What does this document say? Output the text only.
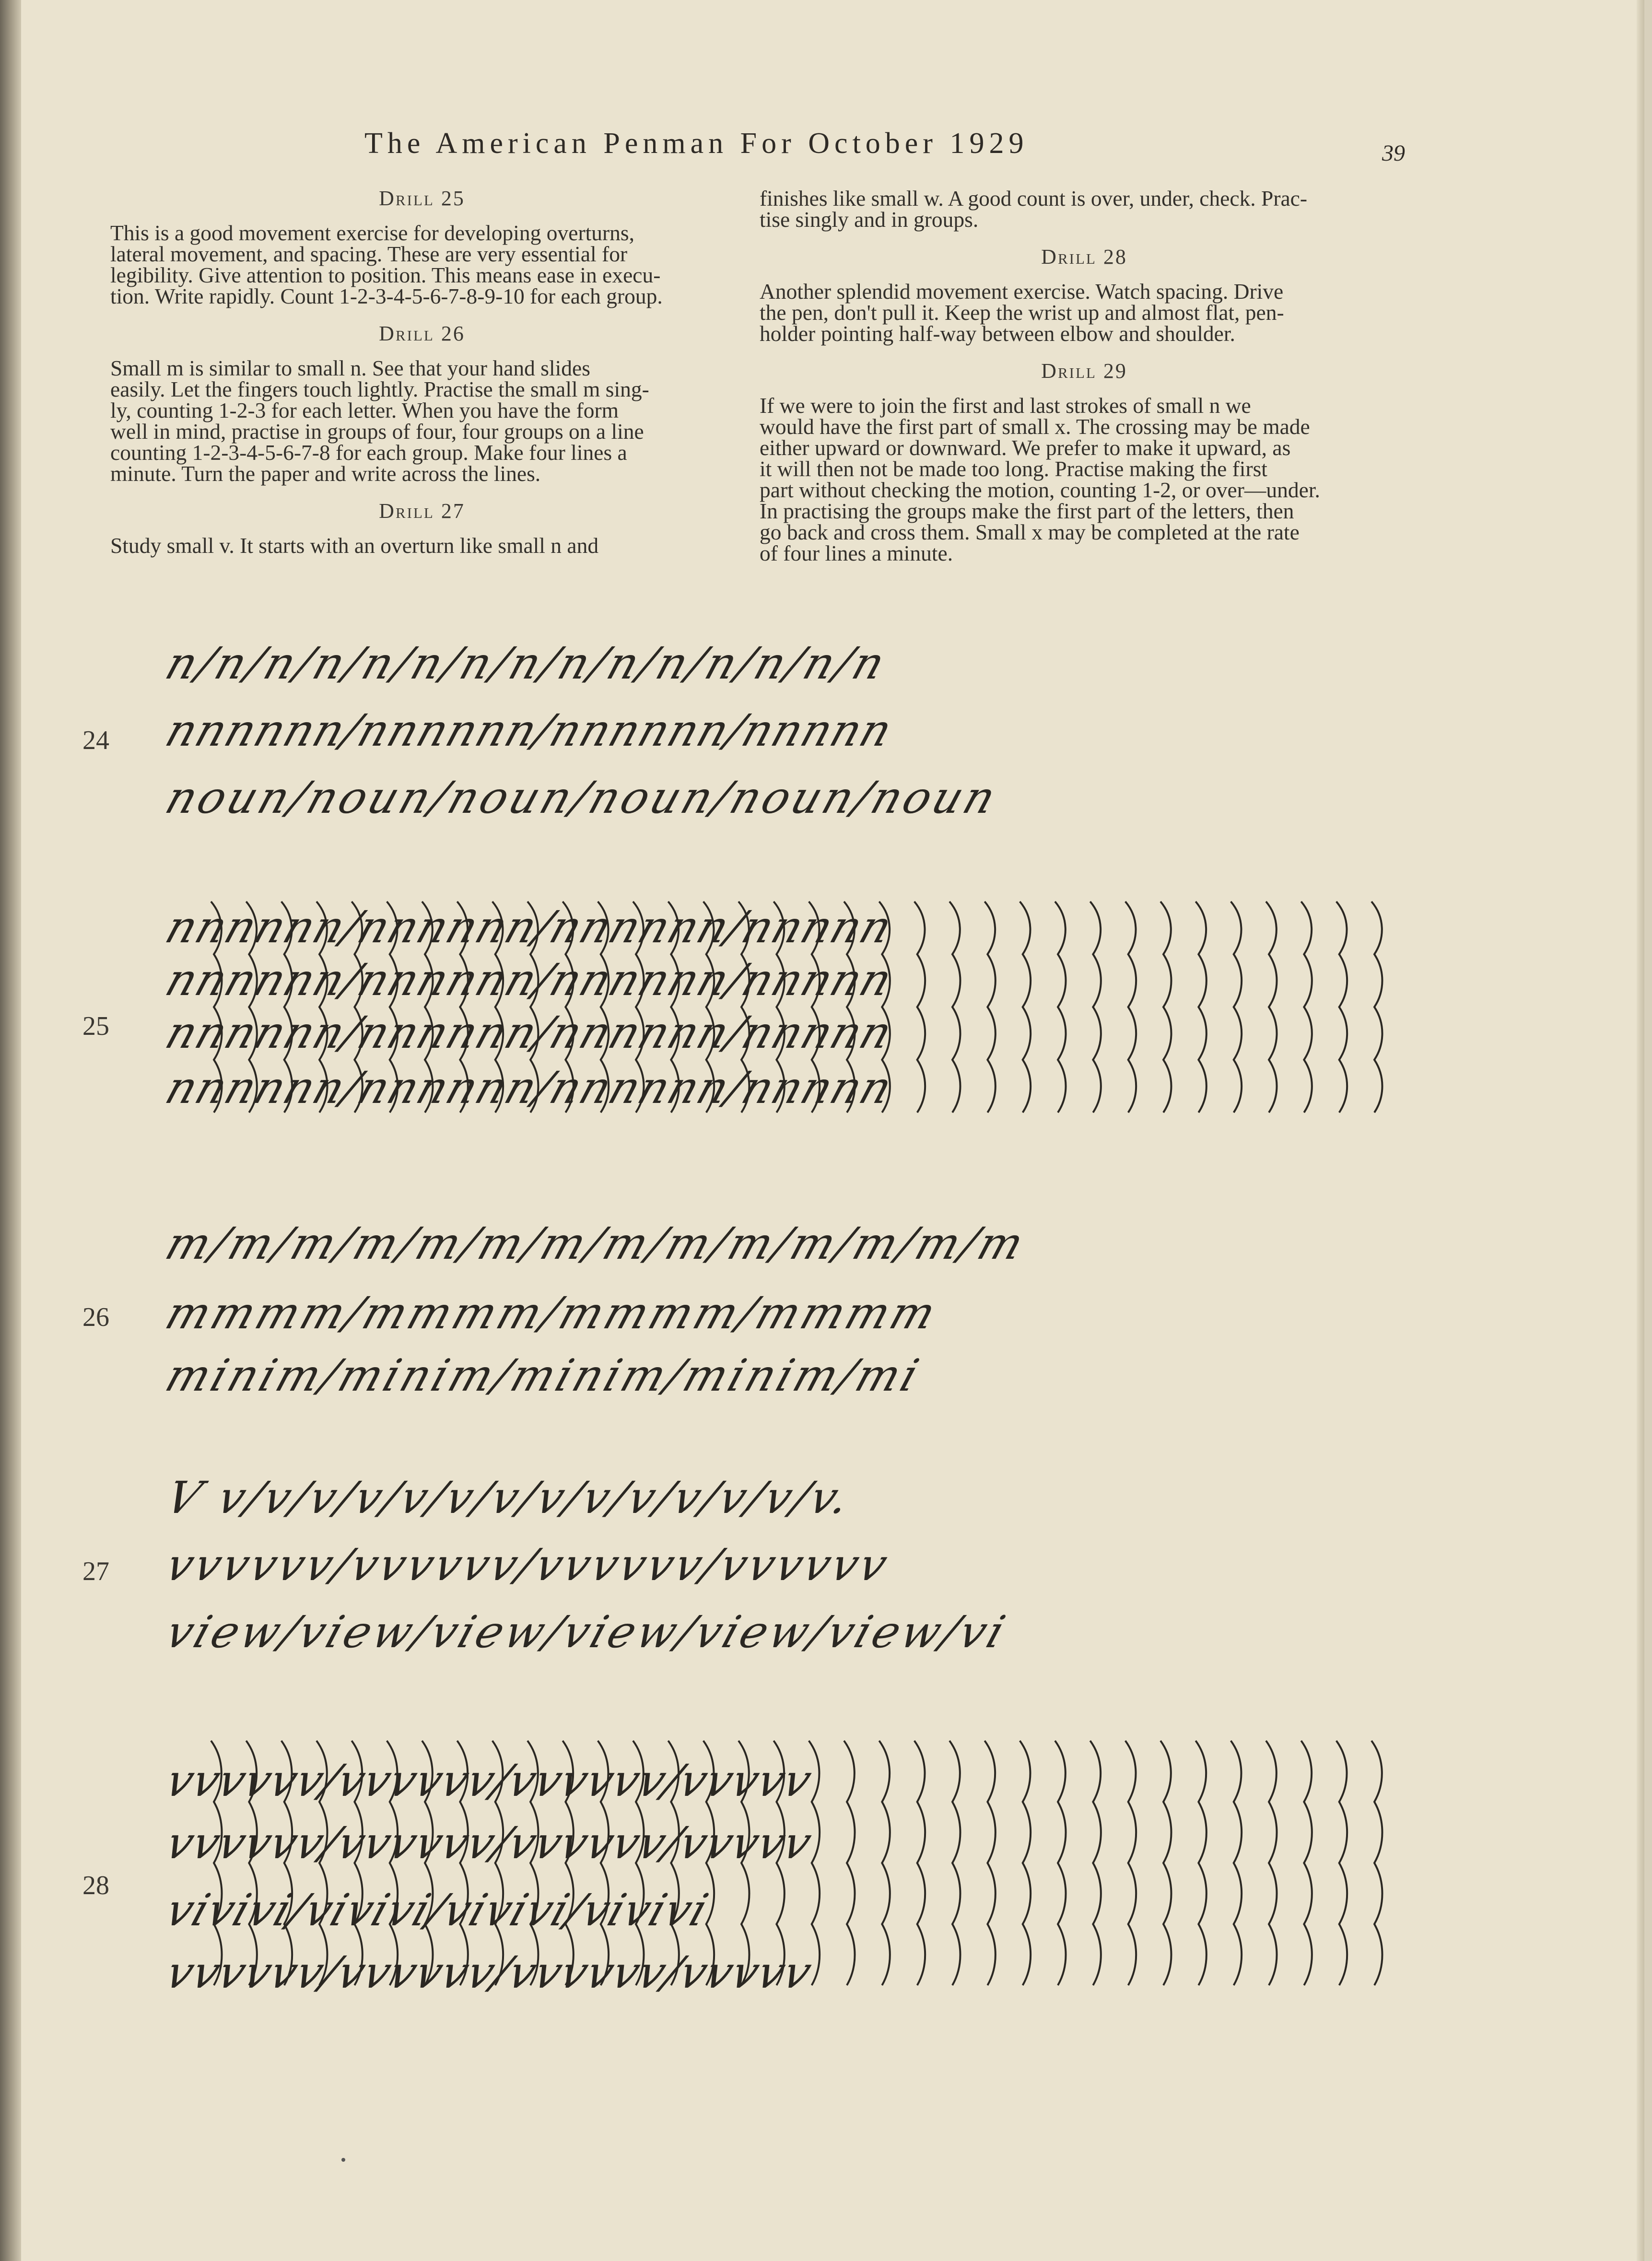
The American Penman For October 1929	39
Drill 25

This is a good movement exercise for developing overturns,

lateral movement, and spacing. These are very essential for

legibility. Give attention to position. This means ease in execu-

tion. Write rapidly. Count 1-2-3-4-5-6-7-8-9-10 for each group.

Drill 26

Small m is similar to small n. See that your hand slides

easily. Let the fingers touch lightly. Practise the small m sing-

ly, counting 1-2-3 for each letter. When you have the form

well in mind, practise in groups of four, four groups on a line

counting 1-2-3-4-5-6-7-8 for each group. Make four lines a

minute. Turn the paper and write across the lines.

Drill 27

Study small v. It starts with an overturn like small n and

finishes like small w. A good count is over, under, check. Prac-

tise singly and in groups.

Drill 28

Another splendid movement exercise. Watch spacing. Drive

the pen, don't pull it. Keep the wrist up and almost flat, pen-

holder pointing half-way between elbow and shoulder.

Drill 29

If we were to join the first and last strokes of small n we

would have the first part of small x. The crossing may be made

either upward or downward. We prefer to make it upward, as

it will then not be made too long. Practise making the first

part without checking the motion, counting 1-2, or over—under.

In practising the groups make the first part of the letters, then

go back and cross them. Small x may be completed at the rate

of four lines a minute.

24
n/n/n/n/n/n/n/n/n/n/n/n/n/n/n
nnnnnn/nnnnnn/nnnnnn/nnnnn
noun/noun/noun/noun/noun/noun
25
nnnnnn/nnnnnn/nnnnnn/nnnnn
nnnnnn/nnnnnn/nnnnnn/nnnnn
nnnnnn/nnnnnn/nnnnnn/nnnnn
nnnnnn/nnnnnn/nnnnnn/nnnnn
26
m/m/m/m/m/m/m/m/m/m/m/m/m/m
mmmm/mmmm/mmmm/mmmm
minim/minim/minim/minim/mi
27
V v/v/v/v/v/v/v/v/v/v/v/v/v/v.
vvvvvv/vvvvvv/vvvvvv/vvvvvv
view/view/view/view/view/view/vi
28
vvvvvv/vvvvvv/vvvvvv/vvvvv
vvvvvv/vvvvvv/vvvvvv/vvvvv
vivivi/vivivi/vivivi/vivivi
vvvvvv/vvvvvv/vvvvvv/vvvvv
